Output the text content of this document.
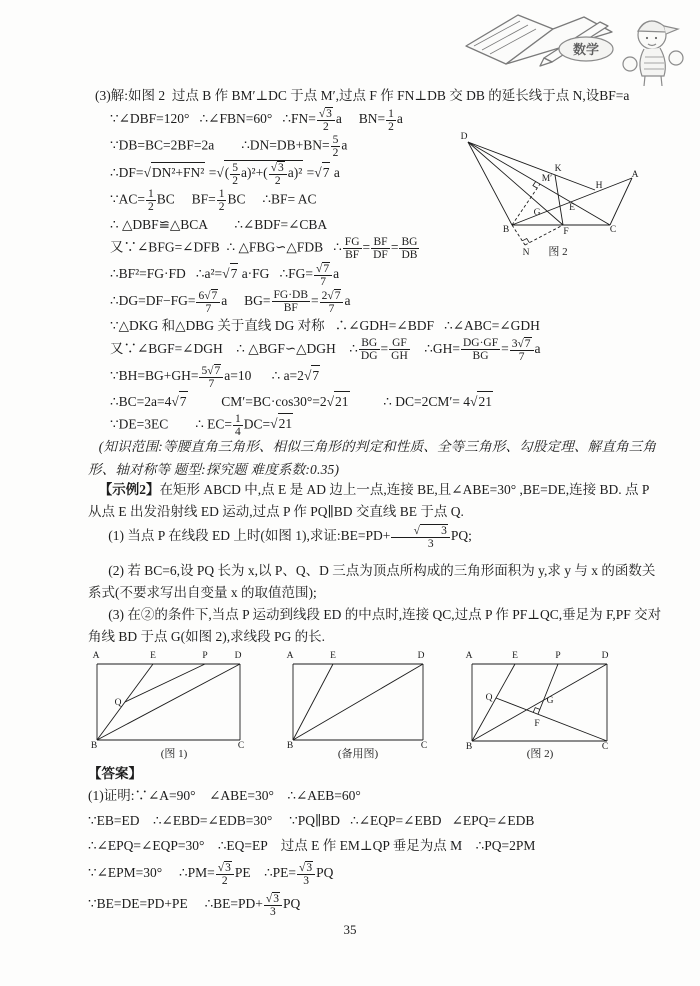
数学
(3)解:如图 2  过点 B 作 BM′⊥DC 于点 M′,过点 F 作 FN⊥DB 交 DB 的延长线于点 N,设BF=a
∵∠DBF=120°   ∴∠FBN=60°   ∴FN= $\frac{√3}{2}$ a     $BN= \frac{1}{2}$ a
∵DB=BC=2BF=2a        ∴DN=DB+BN= $\frac{5}{2}$ a
∴DF=√DN²+FN² =√( $\frac{5}{2} a)^2+( \frac{√3}{2} a)^2 =√7$ a
∵AC= $\frac{1}{2}$ BC     $BF= \frac{1}{2}$ BC     ∴BF= AC
∴ △DBF≌△BCA        ∴∠BDF=∠CBA
又∵∠BFG=∠DFB  ∴ △FBG∽△FDB   ∴ $\frac{FG}{BF} = \frac{BF}{DF} = \frac{BG}{DB}$
∴BF²=FG·FD   ∴a²=√7 a·FG   ∴FG= $\frac{√7}{7}$ a
∴DG=DF−FG= $\frac{6√7}{7}$ a     $BG= \frac{FG\cdot DB}{BF} = \frac{2√7}{7}$ a
∵△DKG 和△DBG 关于直线 DG 对称   ∴∠GDH=∠BDF   ∴∠ABC=∠GDH
又∵∠BGF=∠DGH    ∴ △BGF∽△DGH    ∴ $\frac{BG}{DG} = \frac{GF}{GH}$ ∴GH= $\frac{DG\cdot GF}{BG} = \frac{3√7}{7}$ a
∵BH=BG+GH= $\frac{5√7}{7} a=10$      ∴ a=2√7
∴BC=2a=4√7          CM′=BC·cos30°=2√21          ∴ DC=2CM′= 4√21
∵DE=3EC        ∴ $EC= \frac{1}{4} DC=√21$
D
K
M′
H
A
G	E
B	F	C
N 图 2

(知识范围:等腰直角三角形、相似三角形的判定和性质、全等三角形、勾股定理、解直角三角形、轴对称等 题型:探究题 难度系数:0.35)

【示例2】在矩形 ABCD 中,点 E 是 AD 边上一点,连接 BE,且∠ABE=30° ,BE=DE,连接 BD. 点 P 从点 E 出发沿射线 ED 运动,过点 P 作 PQ∥BD 交直线 BE 于点 Q.

(1) 当点 P 在线段 ED 上时(如图 1),求证:BE=PD+ $\frac{√ 3}{3}$ PQ;

(2) 若 BC=6,设 PQ 长为 x,以 P、Q、D 三点为顶点所构成的三角形面积为 y,求 y 与 x 的函数关系式(不要求写出自变量 x 的取值范围);

(3) 在②的条件下,当点 P 运动到线段 ED 的中点时,连接 QC,过点 P 作 PF⊥QC,垂足为 F,PF 交对角线 BD 于点 G(如图 2),求线段 PG 的长.

A	E	P	D
B	C
Q
(图 1)
A	E	D
B	C
(备用图)
A	E	P	D
B	C
Q	G
F
(图 2)

【答案】

(1)证明:∵∠A=90°    ∠ABE=30°    ∴∠AEB=60°
∵EB=ED    ∴∠EBD=∠EDB=30°     ∵PQ∥BD   ∴∠EQP=∠EBD   ∠EPQ=∠EDB
∴∠EPQ=∠EQP=30°    ∴EQ=EP    过点 E 作 EM⊥QP 垂足为点 M    ∴PQ=2PM
∵∠EPM=30°     ∴PM= $\frac{√3}{2}$ PE    ∴PE= $\frac{√3}{3}$ PQ
∵BE=DE=PD+PE     ∴BE=PD+ $\frac{√3}{3}$ PQ
35
